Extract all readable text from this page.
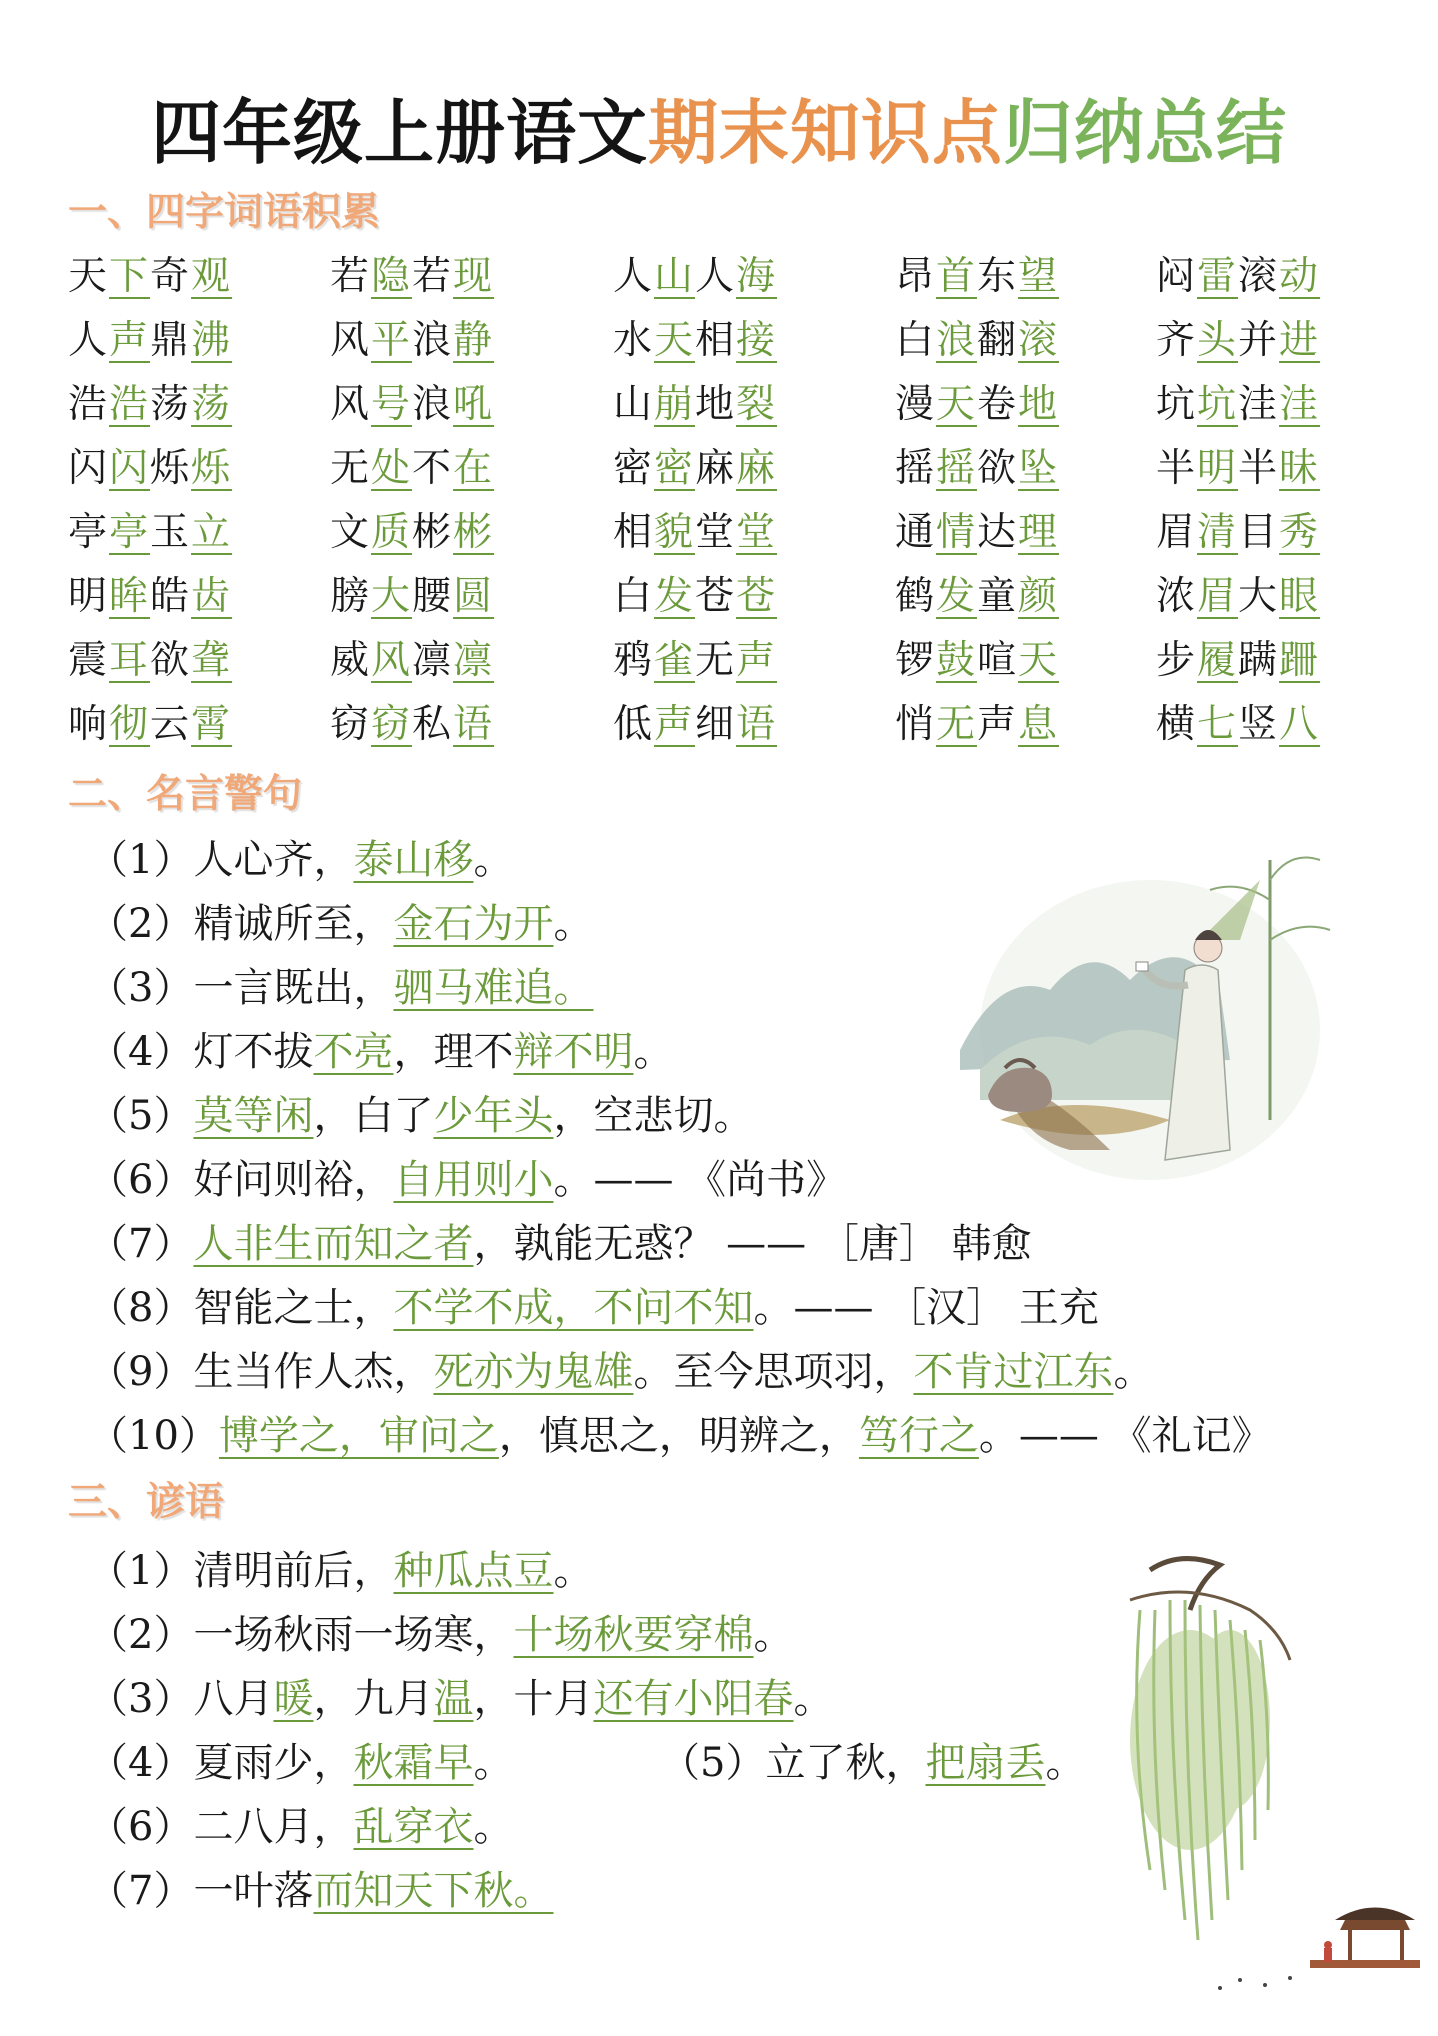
四年级上册语文期末知识点归纳总结
一、四字词语积累
天下奇观	若隐若现	人山人海	昂首东望 闷雷滚动
人声鼎沸	风平浪静	水天相接	白浪翻滚 齐头并进
浩浩荡荡	风号浪吼	山崩地裂	漫天卷地 坑坑洼洼
闪闪烁烁	无处不在	密密麻麻	摇摇欲坠 半明半昧
亭亭玉立	文质彬彬	相貌堂堂	通情达理 眉清目秀
明眸皓齿	膀大腰圆	白发苍苍	鹤发童颜 浓眉大眼
震耳欲聋	威风凛凛	鸦雀无声	锣鼓喧天 步履蹒跚
响彻云霄	窃窃私语	低声细语	悄无声息 横七竖八
二、名言警句
（1）人心齐，泰山移。
（2）精诚所至，金石为开。
（3）一言既出，驷马难追。
（4）灯不拔不亮，理不辩不明。
（5）莫等闲，白了少年头，空悲切。
（6）好问则裕，自用则小。—— 《尚书》
（7）人非生而知之者，孰能无惑？ —— ［唐］ 韩愈
（8）智能之士，不学不成，不问不知。—— ［汉］ 王充
（9）生当作人杰，死亦为鬼雄。至今思项羽，不肯过江东。
（10）博学之，审问之，慎思之，明辨之，笃行之。—— 《礼记》
三、谚语
（1）清明前后，种瓜点豆。
（2）一场秋雨一场寒，十场秋要穿棉。
（3）八月暖，九月温，十月还有小阳春。
（4）夏雨少，秋霜早。	（5）立了秋，把扇丢。
（6）二八月，乱穿衣。
（7）一叶落而知天下秋。
